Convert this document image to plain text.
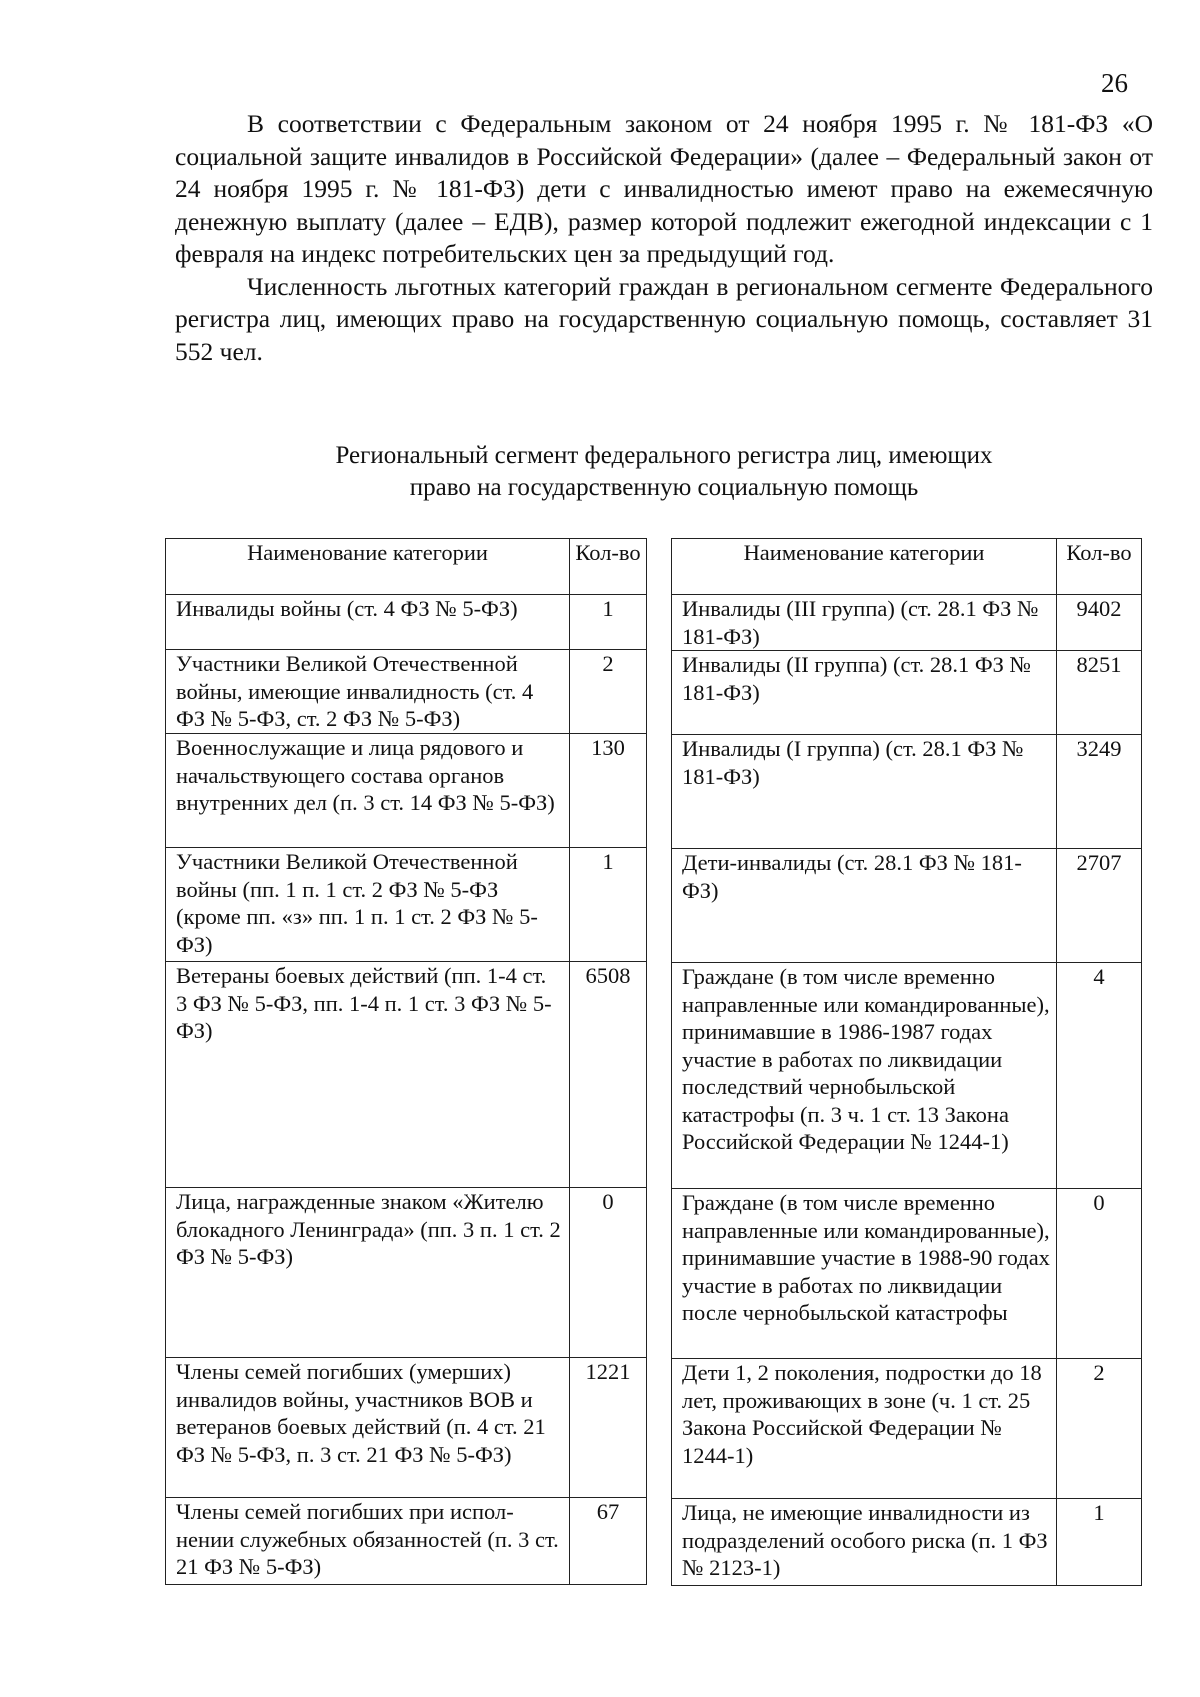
26

В соответствии с Федеральным законом от 24 ноября 1995 г. № 181-ФЗ «О социальной защите инвалидов в Российской Федерации» (далее – Федеральный закон от 24 ноября 1995 г. № 181-ФЗ) дети с инвалидностью имеют право на ежемесячную денежную выплату (далее – ЕДВ), размер которой подлежит ежегодной индексации с 1 февраля на индекс потребительских цен за предыдущий год.

Численность льготных категорий граждан в региональном сегменте Федерального регистра лиц, имеющих право на государственную социальную помощь, составляет 31 552 чел.

Региональный сегмент федерального регистра лиц, имеющих
право на государственную социальную помощь
Наименование категории	Кол-во
Инвалиды войны (ст. 4 ФЗ № 5-ФЗ)	1
Участники Великой Отечественной войны, имеющие инвалидность (ст. 4 ФЗ № 5-ФЗ, ст. 2 ФЗ № 5-ФЗ)	2
Военнослужащие и лица рядового и начальствующего состава органов внутренних дел (п. 3 ст. 14 ФЗ № 5-ФЗ)	130
Участники Великой Отечественной войны (пп. 1 п. 1 ст. 2 ФЗ № 5-ФЗ (кроме пп. «з» пп. 1 п. 1 ст. 2 ФЗ № 5-ФЗ)	1
Ветераны боевых действий (пп. 1-4 ст. 3 ФЗ № 5-ФЗ, пп. 1-4 п. 1 ст. 3 ФЗ № 5-ФЗ)	6508
Лица, награжденные знаком «Жителю блокадного Ленинграда» (пп. 3 п. 1 ст. 2 ФЗ № 5-ФЗ)	0
Члены семей погибших (умерших) инвалидов войны, участников ВОВ и ветеранов боевых действий (п. 4 ст. 21 ФЗ № 5-ФЗ, п. 3 ст. 21 ФЗ № 5-ФЗ)	1221
Члены семей погибших при исполнении служебных обязанностей (п. 3 ст. 21 ФЗ № 5-ФЗ)	67
Наименование категории	Кол-во
Инвалиды (III группа) (ст. 28.1 ФЗ № 181-ФЗ)	9402
Инвалиды (II группа) (ст. 28.1 ФЗ № 181-ФЗ)	8251
Инвалиды (I группа) (ст. 28.1 ФЗ № 181-ФЗ)	3249
Дети-инвалиды (ст. 28.1 ФЗ № 181-ФЗ)	2707
Граждане (в том числе временно направленные или командированные), принимавшие в 1986-1987 годах участие в работах по ликвидации последствий чернобыльской катастрофы (п. 3 ч. 1 ст. 13 Закона Российской Федерации № 1244-1)	4
Граждане (в том числе временно направленные или командированные), принимавшие участие в 1988-90 годах участие в работах по ликвидации после чернобыльской катастрофы	0
Дети 1, 2 поколения, подростки до 18 лет, проживающих в зоне (ч. 1 ст. 25 Закона Российской Федерации № 1244-1)	2
Лица, не имеющие инвалидности из подразделений особого риска (п. 1 ФЗ № 2123-1)	1
